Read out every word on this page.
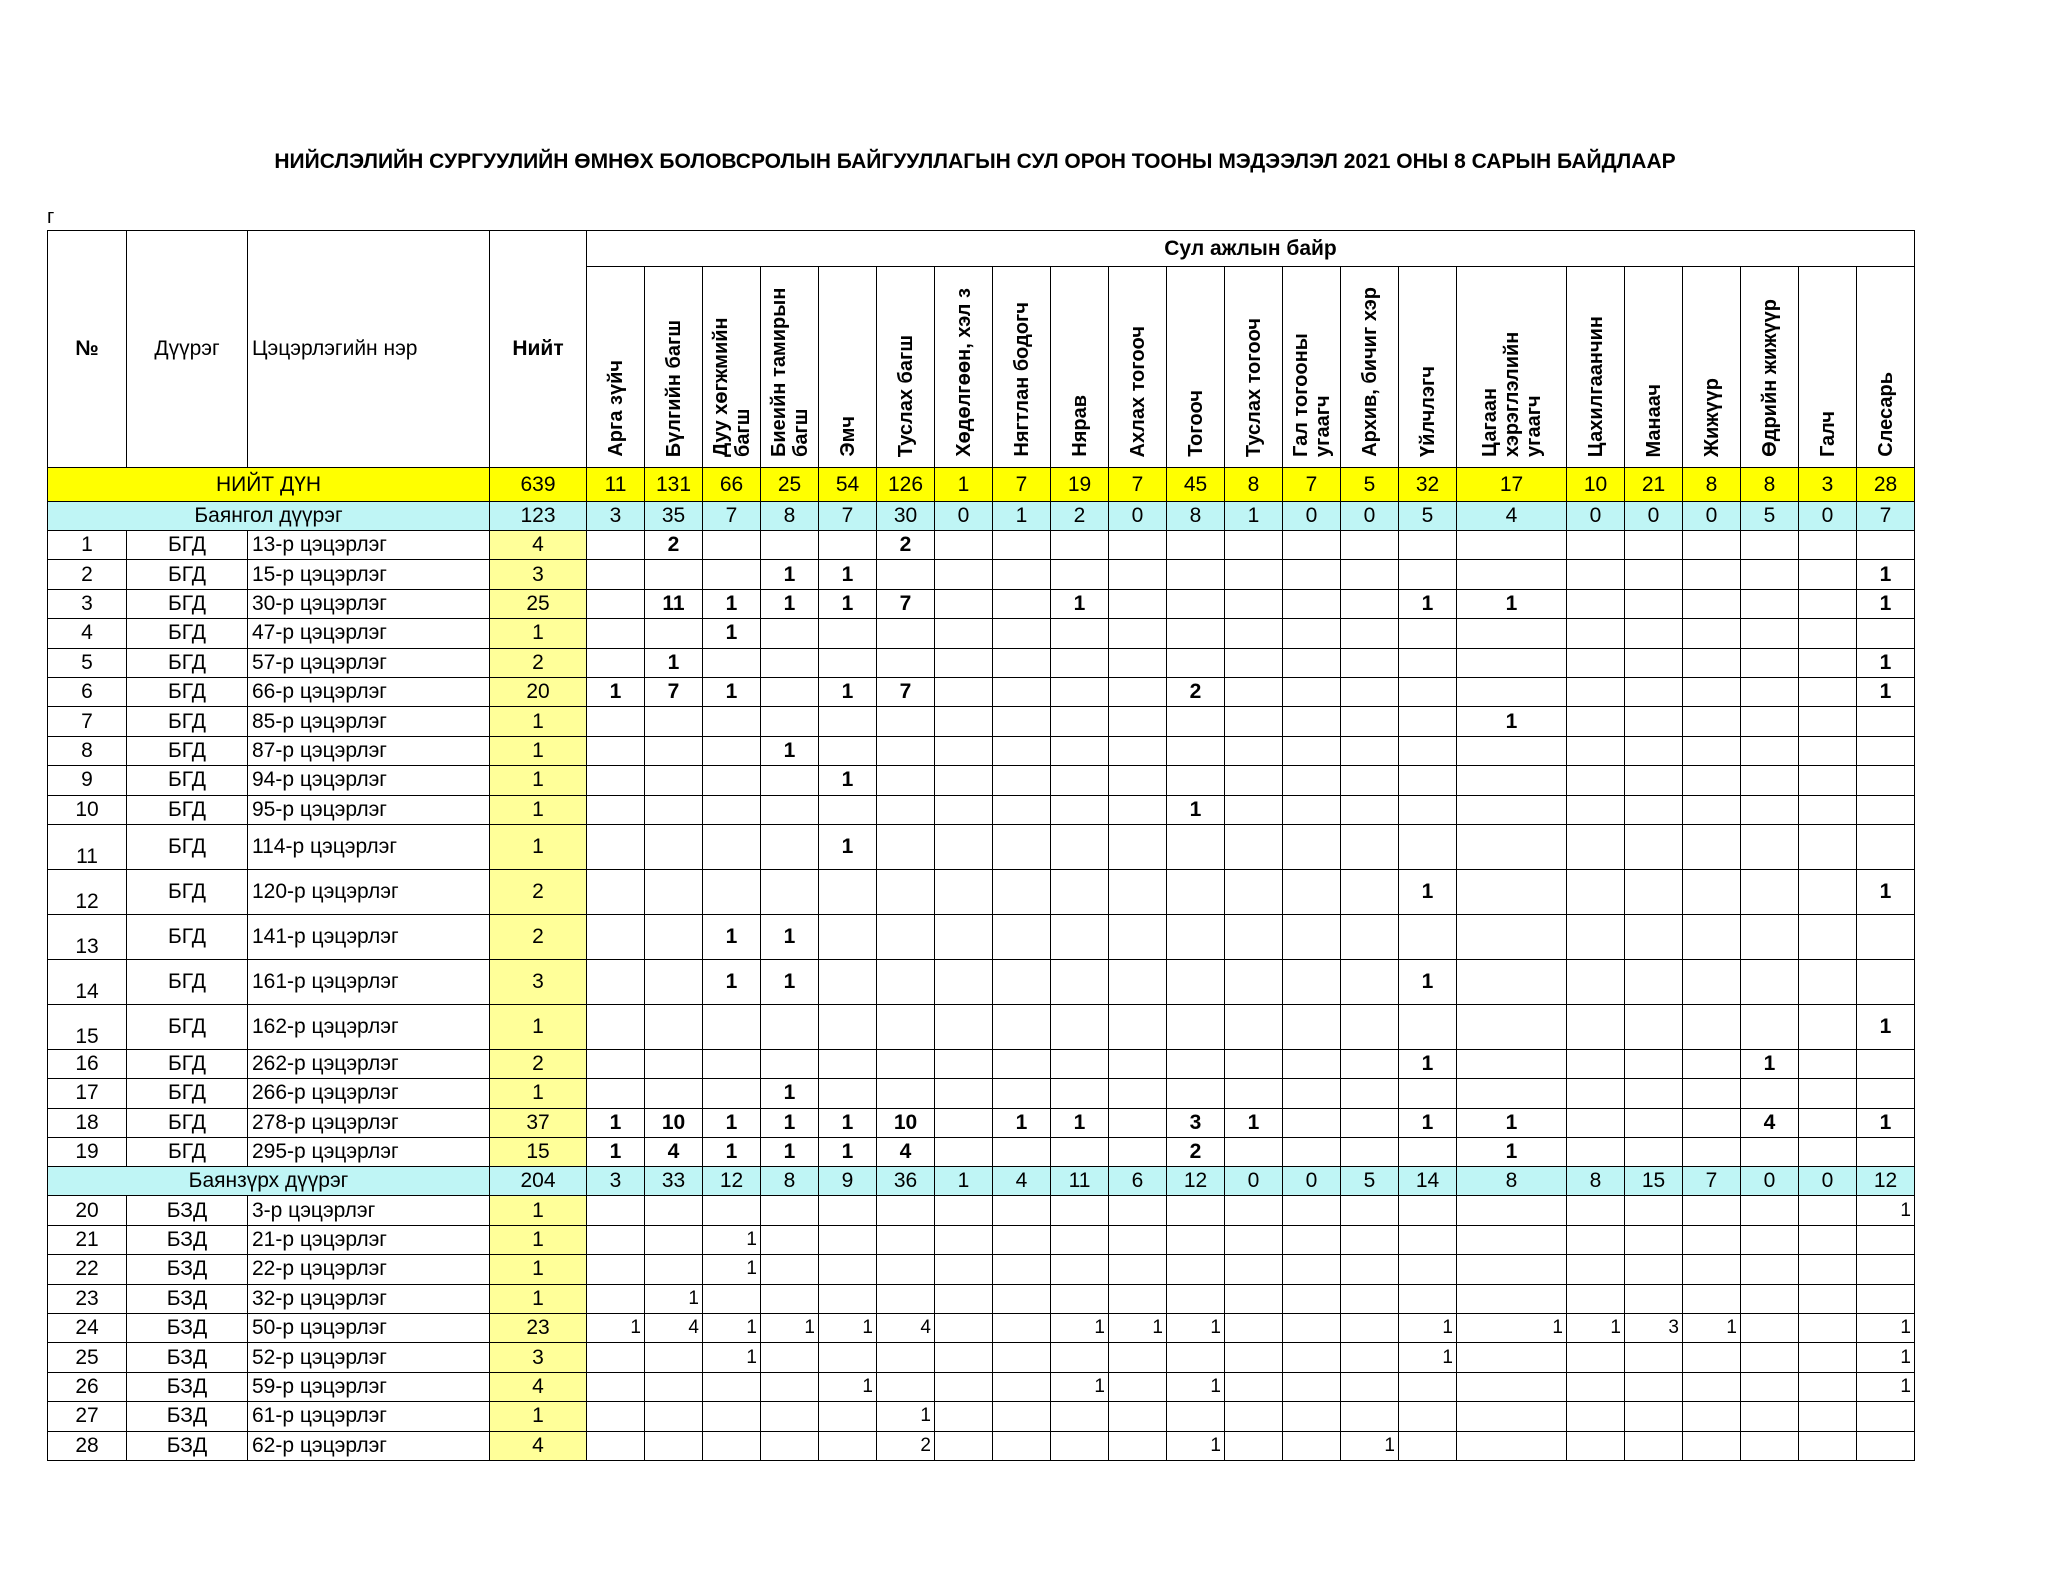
НИЙСЛЭЛИЙН СУРГУУЛИЙН ӨМНӨХ БОЛОВСРОЛЫН БАЙГУУЛЛАГЫН СУЛ ОРОН ТООНЫ МЭДЭЭЛЭЛ 2021 ОНЫ 8 САРЫН БАЙДЛААР
г
№	Дүүрэг	Цэцэрлэгийн нэр	Нийт	Сул ажлын байр																					
				Арга зүйч	Бүлгийн багш	Дуу хөгжмийн багш	Биеийн тамирын багш	Эмч	Туслах багш	Хөдөлгөөн, хэл з	Нягтлан бодогч	Нярав	Ахлах тогооч	Тогооч	Туслах тогооч	Гал тогооны угаагч	Архив, бичиг хэр	Үйлчлэгч	Цагаан хэрэглэлийн угаагч	Цахилгаанчин	Манаач	Жижүүр	Өдрийн жижүүр	Галч	Слесарь
НИЙТ ДҮН			639	11	131	66	25	54	126	1	7	19	7	45	8	7	5	32	17	10	21	8	8	3	28
Баянгол дүүрэг			123	3	35	7	8	7	30	0	1	2	0	8	1	0	0	5	4	0	0	0	5	0	7
1	БГД	13-р цэцэрлэг	4		2				2																
2	БГД	15-р цэцэрлэг	3				1	1																	1
3	БГД	30-р цэцэрлэг	25		11	1	1	1	7			1						1	1						1
4	БГД	47-р цэцэрлэг	1			1																			
5	БГД	57-р цэцэрлэг	2		1																				1
6	БГД	66-р цэцэрлэг	20	1	7	1		1	7					2											1
7	БГД	85-р цэцэрлэг	1																1						
8	БГД	87-р цэцэрлэг	1				1																		
9	БГД	94-р цэцэрлэг	1					1																	
10	БГД	95-р цэцэрлэг	1											1											
11	БГД	114-р цэцэрлэг	1					1																	
12	БГД	120-р цэцэрлэг	2															1							1
13	БГД	141-р цэцэрлэг	2			1	1																		
14	БГД	161-р цэцэрлэг	3			1	1											1							
15	БГД	162-р цэцэрлэг	1																						1
16	БГД	262-р цэцэрлэг	2															1					1		
17	БГД	266-р цэцэрлэг	1				1																		
18	БГД	278-р цэцэрлэг	37	1	10	1	1	1	10		1	1		3	1			1	1				4		1
19	БГД	295-р цэцэрлэг	15	1	4	1	1	1	4					2					1						
Баянзүрх дүүрэг			204	3	33	12	8	9	36	1	4	11	6	12	0	0	5	14	8	8	15	7	0	0	12
20	БЗД	3-р цэцэрлэг	1																						1
21	БЗД	21-р цэцэрлэг	1			1																			
22	БЗД	22-р цэцэрлэг	1			1																			
23	БЗД	32-р цэцэрлэг	1		1																				
24	БЗД	50-р цэцэрлэг	23	1	4	1	1	1	4			1	1	1				1	1	1	3	1			1
25	БЗД	52-р цэцэрлэг	3			1												1							1
26	БЗД	59-р цэцэрлэг	4					1				1		1											1
27	БЗД	61-р цэцэрлэг	1						1																
28	БЗД	62-р цэцэрлэг	4						2					1			1								
